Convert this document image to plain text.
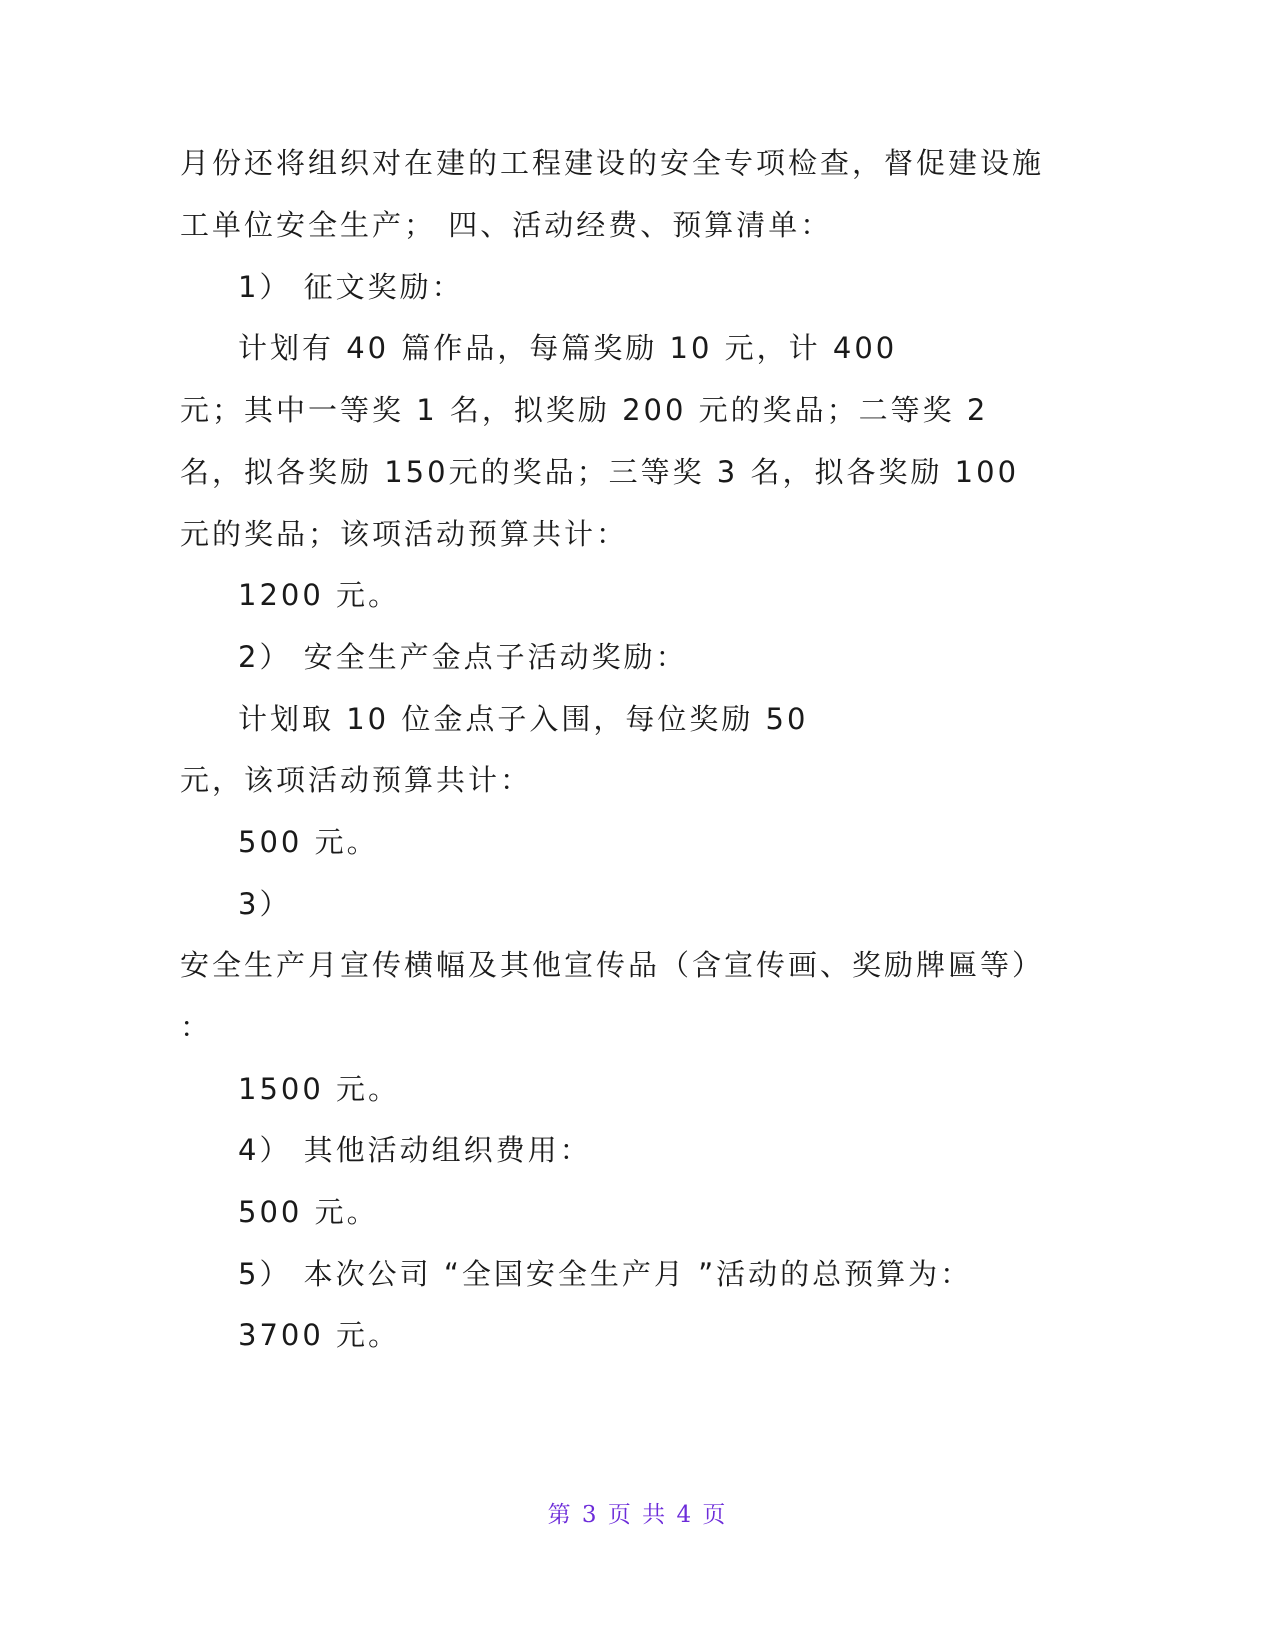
月份还将组织对在建的工程建设的安全专项检查，督促建设施
工单位安全生产； 四、活动经费、预算清单：
1） 征文奖励：
计划有 40 篇作品，每篇奖励 10 元，计 400
元；其中一等奖 1 名，拟奖励 200 元的奖品；二等奖 2
名，拟各奖励 150元的奖品；三等奖 3 名，拟各奖励 100
元的奖品；该项活动预算共计：
1200 元。
2） 安全生产金点子活动奖励：
计划取 10 位金点子入围，每位奖励 50
元，该项活动预算共计：
500 元。
3）
安全生产月宣传横幅及其他宣传品（含宣传画、奖励牌匾等）
：
1500 元。
4） 其他活动组织费用：
500 元。
5） 本次公司 “全国安全生产月 ”活动的总预算为：
3700 元。
第 3 页 共 4 页
